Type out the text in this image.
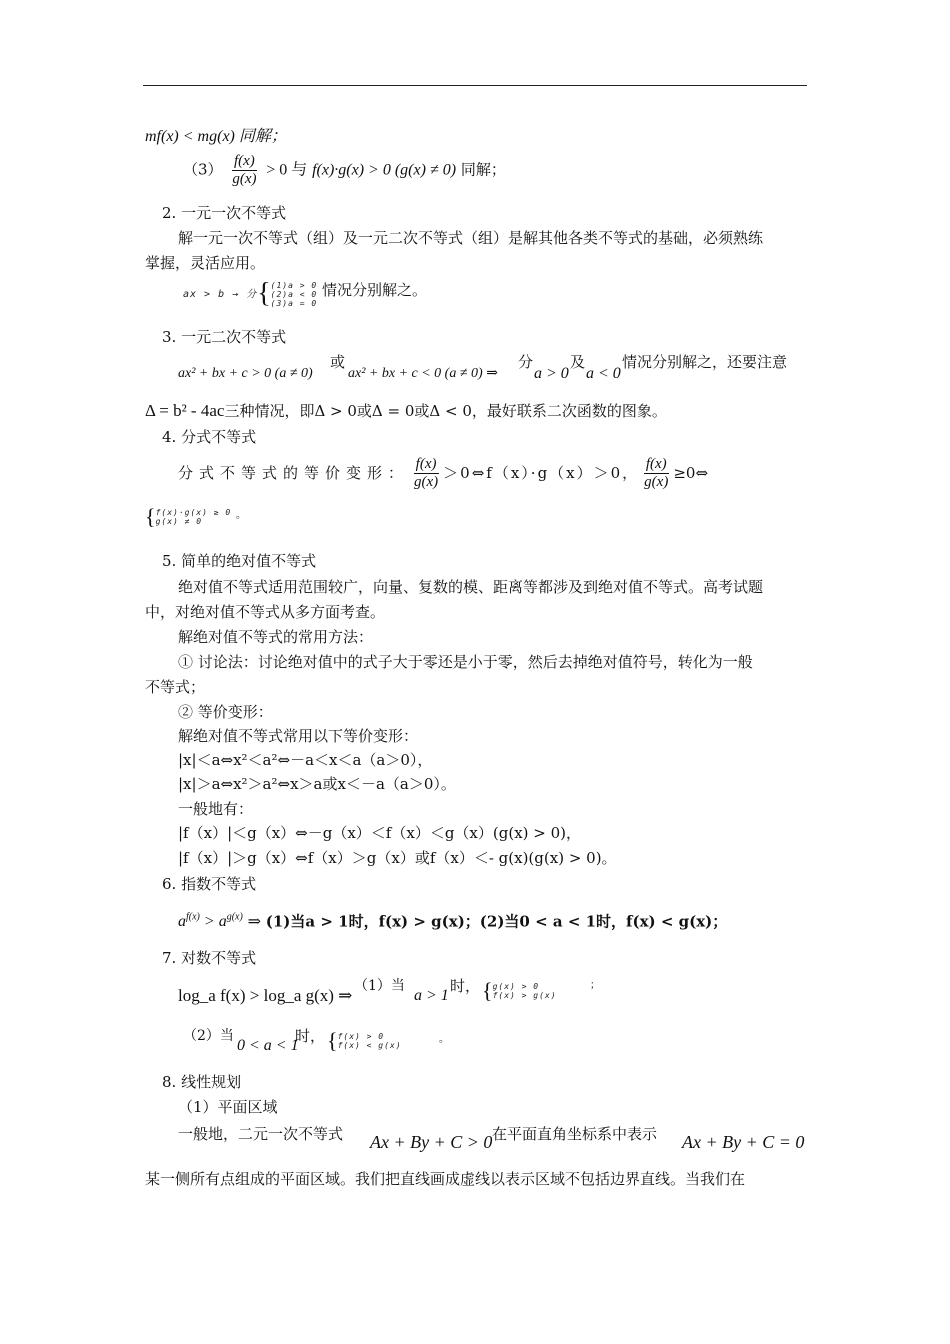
mf(x) < mg(x) 同解；
$(3) \frac{f(x)}{g(x)} > 0$ 与 f(x)·g(x) > 0 (g(x) ≠ 0) 同解；
2. 一元一次不等式
解一元一次不等式（组）及一元二次不等式（组）是解其他各类不等式的基础，必须熟练
掌握，灵活应用。
ax > b → 分 { (1)a > 0
(2)a < 0
(3)a = 0
情况分别解之。
3. 一元二次不等式
ax² + bx + c > 0 (a ≠ 0)
或
ax² + bx + c < 0 (a ≠ 0) ⇒
分
a > 0
及
a < 0
情况分别解之，还要注意
Δ = b² - 4ac三种情况，即Δ > 0或Δ = 0或Δ < 0，最好联系二次函数的图象。
4. 分式不等式
分式不等式的等价变形： $\frac{f(x)}{g(x)}$ ＞0⇔f（x）·g（x）＞0， $\frac{f(x)}{g(x)}$ ≥0⇔
{ f(x)·g(x) ≥ 0
g(x) ≠ 0
。
5. 简单的绝对值不等式
绝对值不等式适用范围较广，向量、复数的模、距离等都涉及到绝对值不等式。高考试题
中，对绝对值不等式从多方面考查。
解绝对值不等式的常用方法：
① 讨论法：讨论绝对值中的式子大于零还是小于零，然后去掉绝对值符号，转化为一般
不等式；
② 等价变形：
解绝对值不等式常用以下等价变形：
|x|＜a⇔x²＜a²⇔－a＜x＜a（a＞0），
|x|＞a⇔x²＞a²⇔x＞a或x＜－a（a＞0）。
一般地有：
|f（x）|＜g（x）⇔－g（x）＜f（x）＜g（x）(g(x) > 0)，
|f（x）|＞g（x）⇔f（x）＞g（x）或f（x）＜- g(x)(g(x) > 0)。
6. 指数不等式
$a^{f(x)} > a^{g(x)}$ ⇒ (1)当a > 1时，f(x) > g(x)；(2)当0 < a < 1时，f(x) < g(x)；
7. 对数不等式
log_a f(x) > log_a g(x) ⇒ （1）当
a > 1
时， { g(x) > 0
f(x) > g(x)
；
（2）当
0 < a < 1
时， { f(x) > 0
f(x) < g(x)
。
8. 线性规划
（1）平面区域
一般地，二元一次不等式 Ax + By + C > 0 在平面直角坐标系中表示 Ax + By + C = 0
某一侧所有点组成的平面区域。我们把直线画成虚线以表示区域不包括边界直线。当我们在
